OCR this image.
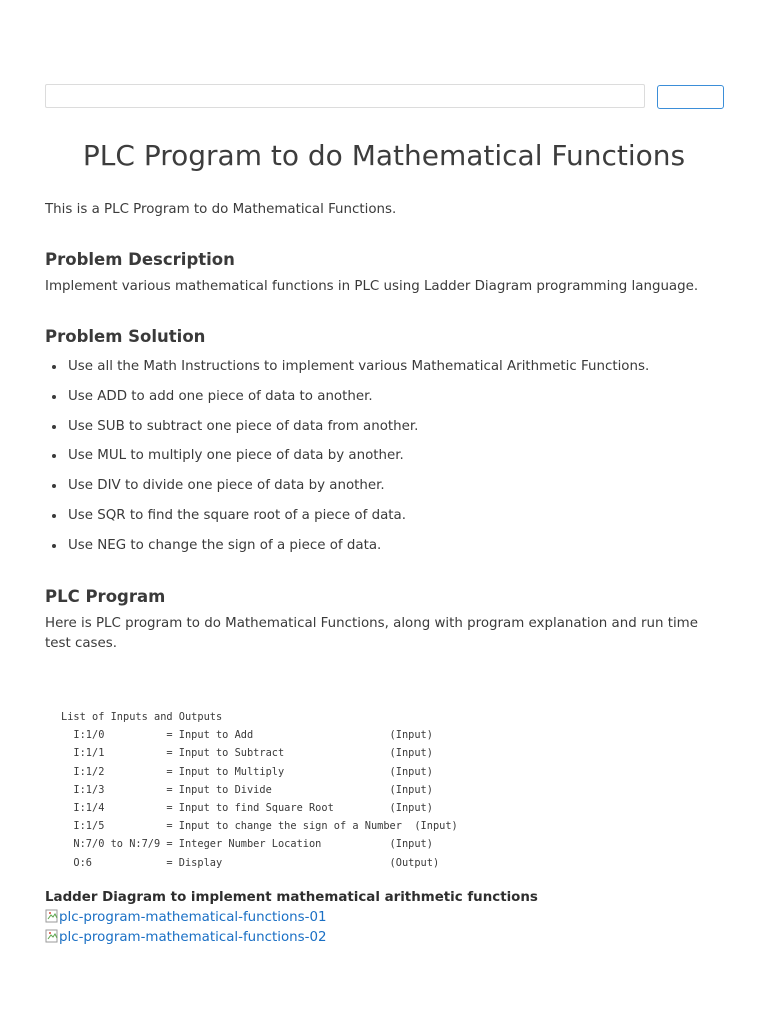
PLC Program to do Mathematical Functions

This is a PLC Program to do Mathematical Functions.

Problem Description

Implement various mathematical functions in PLC using Ladder Diagram programming language.

Problem Solution
Use all the Math Instructions to implement various Mathematical Arithmetic Functions.
Use ADD to add one piece of data to another.
Use SUB to subtract one piece of data from another.
Use MUL to multiply one piece of data by another.
Use DIV to divide one piece of data by another.
Use SQR to find the square root of a piece of data.
Use NEG to change the sign of a piece of data.
PLC Program

Here is PLC program to do Mathematical Functions, along with program explanation and run time test cases.

List of Inputs and Outputs
I:1/0          = Input to Add                      (Input)
I:1/1          = Input to Subtract                 (Input)
I:1/2          = Input to Multiply                 (Input)
I:1/3          = Input to Divide                   (Input)
I:1/4          = Input to find Square Root         (Input)
I:1/5          = Input to change the sign of a Number  (Input)
N:7/0 to N:7/9 = Integer Number Location           (Input)
O:6            = Display                           (Output)

Ladder Diagram to implement mathematical arithmetic functions

plc-program-mathematical-functions-01
plc-program-mathematical-functions-02
